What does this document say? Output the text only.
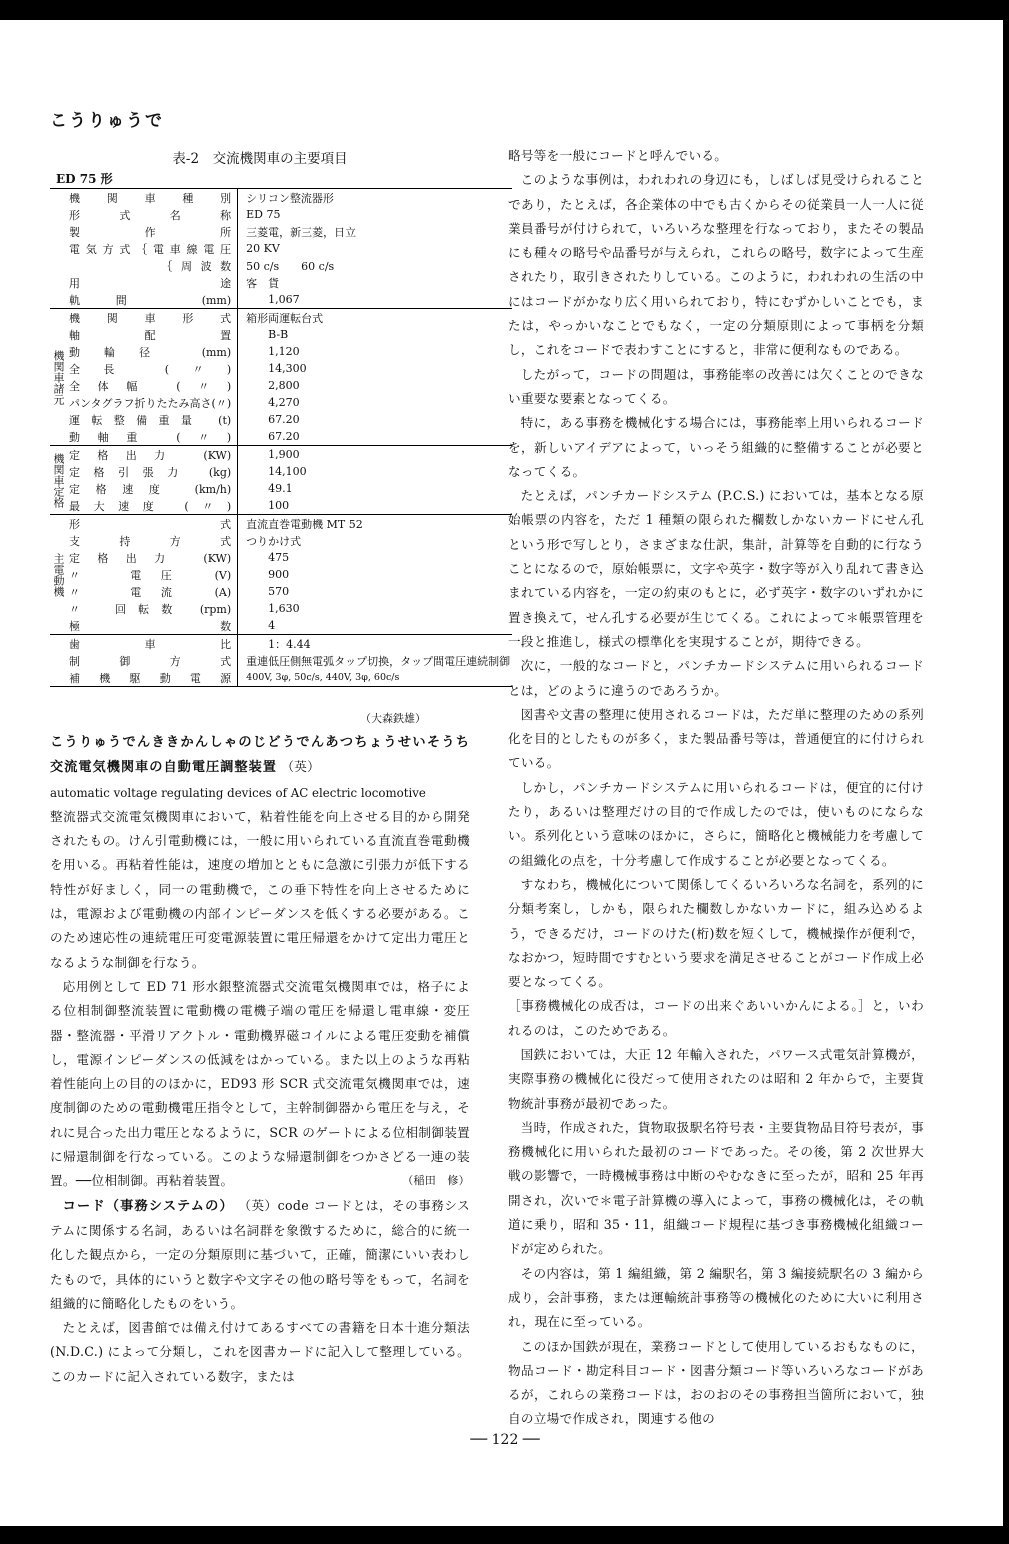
こうりゅうで
表-2　交流機関車の主要項目
ED 75 形
	機関車種別	シリコン整流器形
	形式名称	ED 75
	製作所	三菱電，新三菱，日立
	電気方式｛電車線電圧	20 KV
	　　　　　｛周波数	50 c/s　　60 c/s
	用途	客　貨
	軌間 (mm)	1,067
機関車諸元	機関車形式	箱形両運転台式
	軸配置	B-B
	動輪径 (mm)	1,120
	全長 (〃)	14,300
	全体幅 (〃)	2,800
	パンタグラフ折りたたみ高さ(〃)	4,270
	運転整備重量 (t)	67.20
	動軸重 (〃)	67.20
機関車定格	定格出力 (KW)	1,900
	定格引張力 (kg)	14,100
	定格速度 (km/h)	49.1
	最大速度 (〃)	100
主電動機	形式	直流直巻電動機 MT 52
	支持方式	つりかけ式
	定格出力 (KW)	475
	〃　電圧 (V)	900
	〃　電流 (A)	570
	〃　回転数 (rpm)	1,630
	極数	4
	歯車比	1：4.44
	制御方式	重連低圧側無電弧タップ切換，タップ間電圧連続制御
	補機駆動電源	400V, 3φ, 50c/s, 440V, 3φ, 60c/s
（大森鉄雄）

こうりゅうでんききかんしゃのじどうでんあつちょうせいそうち　交流電気機関車の自動電圧調整装置 （英）

automatic voltage regulating devices of AC electric locomotive

整流器式交流電気機関車において，粘着性能を向上させる目的から開発されたもの。けん引電動機には，一般に用いられている直流直巻電動機を用いる。再粘着性能は，速度の増加とともに急激に引張力が低下する特性が好ましく，同一の電動機で，この垂下特性を向上させるためには，電源および電動機の内部インピーダンスを低くする必要がある。このため速応性の連続電圧可変電源装置に電圧帰還をかけて定出力電圧となるような制御を行なう。

応用例として ED 71 形水銀整流器式交流電気機関車では，格子による位相制御整流装置に電動機の電機子端の電圧を帰還し電車線・変圧器・整流器・平滑リアクトル・電動機界磁コイルによる電圧変動を補償し，電源インピーダンスの低減をはかっている。また以上のような再粘着性能向上の目的のほかに，ED93 形 SCR 式交流電気機関車では，速度制御のための電動機電圧指令として，主幹制御器から電圧を与え，それに見合った出力電圧となるように，SCR のゲートによる位相制御装置に帰還制御を行なっている。このような帰還制御をつかさどる一連の装置。──位相制御。再粘着装置。	（稲田　修）

コード（事務システムの） （英）code コードとは，その事務システムに関係する名詞，あるいは名詞群を象徴するために，総合的に統一化した観点から，一定の分類原則に基づいて，正確，簡潔にいい表わしたもので，具体的にいうと数字や文字その他の略号等をもって，名詞を組織的に簡略化したものをいう。

たとえば，図書館では備え付けてあるすべての書籍を日本十進分類法 (N.D.C.) によって分類し，これを図書カードに記入して整理している。このカードに記入されている数字，または

略号等を一般にコードと呼んでいる。

このような事例は，われわれの身辺にも，しばしば見受けられることであり，たとえば，各企業体の中でも古くからその従業員一人一人に従業員番号が付けられて，いろいろな整理を行なっており，またその製品にも種々の略号や品番号が与えられ，これらの略号，数字によって生産されたり，取引きされたりしている。このように，われわれの生活の中にはコードがかなり広く用いられており，特にむずかしいことでも，または，やっかいなことでもなく，一定の分類原則によって事柄を分類し，これをコードで表わすことにすると，非常に便利なものである。

したがって，コードの問題は，事務能率の改善には欠くことのできない重要な要素となってくる。

特に，ある事務を機械化する場合には，事務能率上用いられるコードを，新しいアイデアによって，いっそう組織的に整備することが必要となってくる。

たとえば，パンチカードシステム (P.C.S.) においては，基本となる原始帳票の内容を，ただ 1 種類の限られた欄数しかないカードにせん孔という形で写しとり，さまざまな仕訳，集計，計算等を自動的に行なうことになるので，原始帳票に，文字や英字・数字等が入り乱れて書き込まれている内容を，一定の約束のもとに，必ず英字・数字のいずれかに置き換えて，せん孔する必要が生じてくる。これによって＊帳票管理を一段と推進し，様式の標準化を実現することが，期待できる。

次に，一般的なコードと，パンチカードシステムに用いられるコードとは，どのように違うのであろうか。

図書や文書の整理に使用されるコードは，ただ単に整理のための系列化を目的としたものが多く，また製品番号等は，普通便宜的に付けられている。

しかし，パンチカードシステムに用いられるコードは，便宜的に付けたり，あるいは整理だけの目的で作成したのでは，使いものにならない。系列化という意味のほかに，さらに，簡略化と機械能力を考慮しての組織化の点を，十分考慮して作成することが必要となってくる。

すなわち，機械化について関係してくるいろいろな名詞を，系列的に分類考案し，しかも，限られた欄数しかないカードに，組み込めるよう，できるだけ，コードのけた(桁)数を短くして，機械操作が便利で，なおかつ，短時間ですむという要求を満足させることがコード作成上必要となってくる。

［事務機械化の成否は，コードの出来ぐあいいかんによる。］と，いわれるのは，このためである。

国鉄においては，大正 12 年輸入された，パワース式電気計算機が，実際事務の機械化に役だって使用されたのは昭和 2 年からで，主要貨物統計事務が最初であった。

当時，作成された，貨物取扱駅名符号表・主要貨物品目符号表が，事務機械化に用いられた最初のコードであった。その後，第 2 次世界大戦の影響で，一時機械事務は中断のやむなきに至ったが，昭和 25 年再開され，次いで＊電子計算機の導入によって，事務の機械化は，その軌道に乗り，昭和 35・11，組織コード規程に基づき事務機械化組織コードが定められた。

その内容は，第 1 編組織，第 2 編駅名，第 3 編接続駅名の 3 編から成り，会計事務，または運輸統計事務等の機械化のために大いに利用され，現在に至っている。

このほか国鉄が現在，業務コードとして使用しているおもなものに，物品コード・勘定科目コード・図書分類コード等いろいろなコードがあるが，これらの業務コードは，おのおのその事務担当箇所において，独自の立場で作成され，関連する他の

── 122 ──
